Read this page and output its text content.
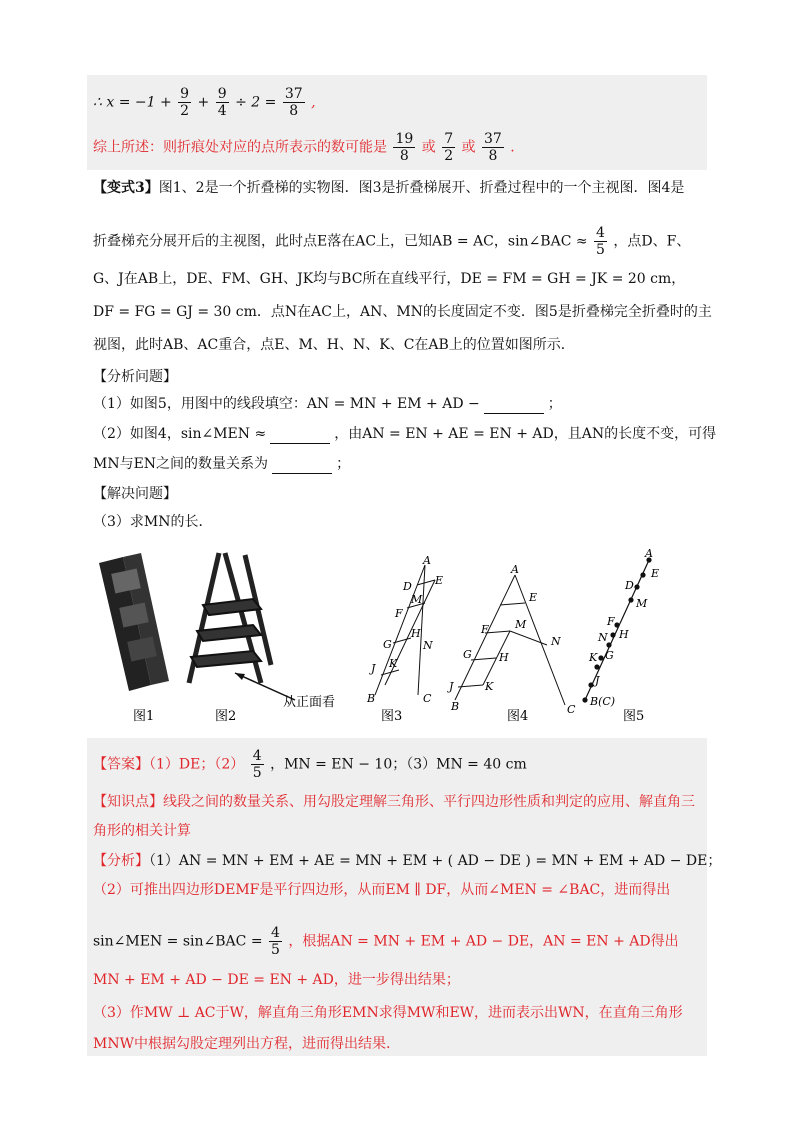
∴ $x = -1 + \frac{9}{2} + \frac{9}{4} \div 2 = \frac{37}{8}$ ,
综上所述：则折痕处对应的点所表示的数可能是 $\frac{19}{8}$ 或 $\frac{7}{2}$ 或 $\frac{37}{8}$ .
【变式3】图1、2是一个折叠梯的实物图．图3是折叠梯展开、折叠过程中的一个主视图．图4是
折叠梯充分展开后的主视图，此时点E落在AC上，已知AB = AC，sin∠BAC ≈ $\frac{4}{5}$ ，点D、F、
G、J在AB上，DE、FM、GH、JK均与BC所在直线平行，DE = FM = GH = JK = 20 cm，
DF = FG = GJ = 30 cm．点N在AC上，AN、MN的长度固定不变．图5是折叠梯完全折叠时的主
视图，此时AB、AC重合，点E、M、H、N、K、C在AB上的位置如图所示．
【分析问题】
（1）如图5，用图中的线段填空：AN = MN + EM + AD −	；
（2）如图4，sin∠MEN ≈	，由AN = EN + AE = EN + AD，且AN的长度不变，可得
MN与EN之间的数量关系为	；
【解决问题】
（3）求MN的长．
从正面看
A
D E
M
F
G
H
N
J K
B	C
A
E
F M
N
G H
J	K
B	C
A
E
D
M
F
N H
K G
J
B(C)
图1	图2	图3	图4	图5
【答案】（1）DE；$(2) \frac{4}{5}$ ，MN = EN − 10；（3）MN = 40 cm
【知识点】线段之间的数量关系、用勾股定理解三角形、平行四边形性质和判定的应用、解直角三
角形的相关计算
【分析】（1）AN = MN + EM + AE = MN + EM + ( AD − DE ) = MN + EM + AD − DE；
（2）可推出四边形DEMF是平行四边形，从而EM ∥ DF，从而∠MEN = ∠BAC，进而得出
sin∠MEN = sin∠BAC = $\frac{4}{5}$ ，根据AN = MN + EM + AD − DE，AN = EN + AD得出
MN + EM + AD − DE = EN + AD，进一步得出结果；
（3）作MW ⊥ AC于W，解直角三角形EMN求得MW和EW，进而表示出WN，在直角三角形
MNW中根据勾股定理列出方程，进而得出结果.
